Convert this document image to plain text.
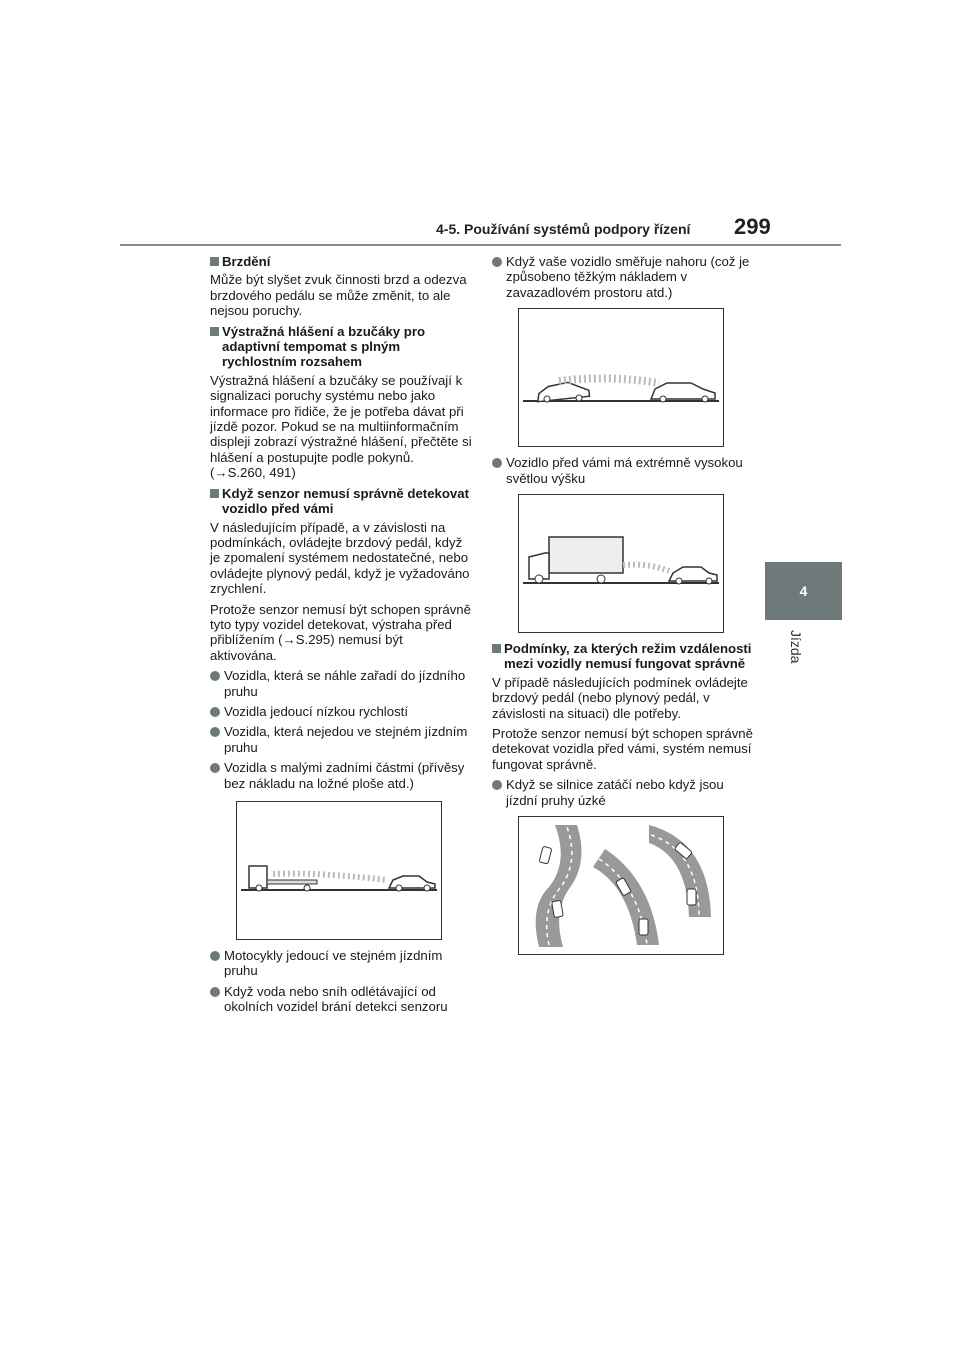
4-5. Používání systémů podpory řízení 299
4
Jízda
Brzdění

Může být slyšet zvuk činnosti brzd a odezva brzdového pedálu se může změnit, to ale nejsou poruchy.

Výstražná hlášení a bzučáky pro adaptivní tempomat s plným rychlostním rozsahem

Výstražná hlášení a bzučáky se používají k signalizaci poruchy systému nebo jako informace pro řidiče, že je potřeba dávat při jízdě pozor. Pokud se na multiinformačním displeji zobrazí výstražné hlášení, přečtěte si hlášení a postupujte podle pokynů. (→S.260, 491)

Když senzor nemusí správně detekovat vozidlo před vámi

V následujícím případě, a v závislosti na podmínkách, ovládejte brzdový pedál, když je zpomalení systémem nedostatečné, nebo ovládejte plynový pedál, když je vyžadováno zrychlení.

Protože senzor nemusí být schopen správně tyto typy vozidel detekovat, výstraha před přiblížením (→S.295) nemusí být aktivována.

Vozidla, která se náhle zařadí do jízdního pruhu
Vozidla jedoucí nízkou rychlostí
Vozidla, která nejedou ve stejném jízdním pruhu
Vozidla s malými zadními částmi (přívěsy bez nákladu na ložné ploše atd.)
Motocykly jedoucí ve stejném jízdním pruhu
Když voda nebo sníh odlétávající od okolních vozidel brání detekci senzoru
Když vaše vozidlo směřuje nahoru (což je způsobeno těžkým nákladem v zavazadlovém prostoru atd.)
Vozidlo před vámi má extrémně vysokou světlou výšku
Podmínky, za kterých režim vzdálenosti mezi vozidly nemusí fungovat správně

V případě následujících podmínek ovládejte brzdový pedál (nebo plynový pedál, v závislosti na situaci) dle potřeby.

Protože senzor nemusí být schopen správně detekovat vozidla před vámi, systém nemusí fungovat správně.

Když se silnice zatáčí nebo když jsou jízdní pruhy úzké
